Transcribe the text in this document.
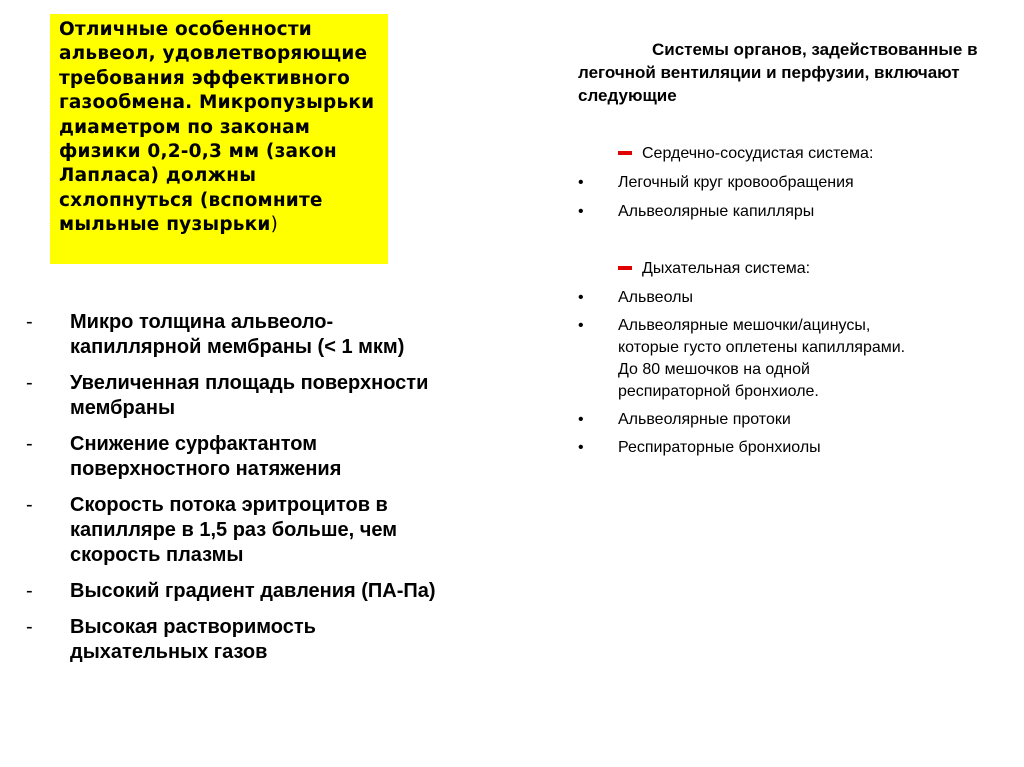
Отличные особенности альвеол, удовлетворяющие требования эффективного газообмена. Микропузырьки диаметром по законам физики 0,2-0,3 мм (закон Лапласа) должны схлопнуться (вспомните мыльные пузырьки)

-	Микро толщина альвеоло-капиллярной мембраны (< 1 мкм)
-	Увеличенная площадь поверхности мембраны
-	Снижение сурфактантом поверхностного натяжения
-	Скорость потока эритроцитов в капилляре в 1,5 раз больше, чем скорость плазмы
-	Высокий градиент давления (ПА-Па)
-	Высокая растворимость дыхательных газов

Системы органов, задействованные в легочной вентиляции и перфузии, включают следующие

Сердечно-сосудистая система:
• Легочный круг кровообращения
• Альвеолярные капилляры
Дыхательная система:
• Альвеолы
• Альвеолярные мешочки/ацинусы, которые густо оплетены капиллярами. До 80 мешочков на одной респираторной бронхиоле.
• Альвеолярные протоки
• Респираторные бронхиолы
